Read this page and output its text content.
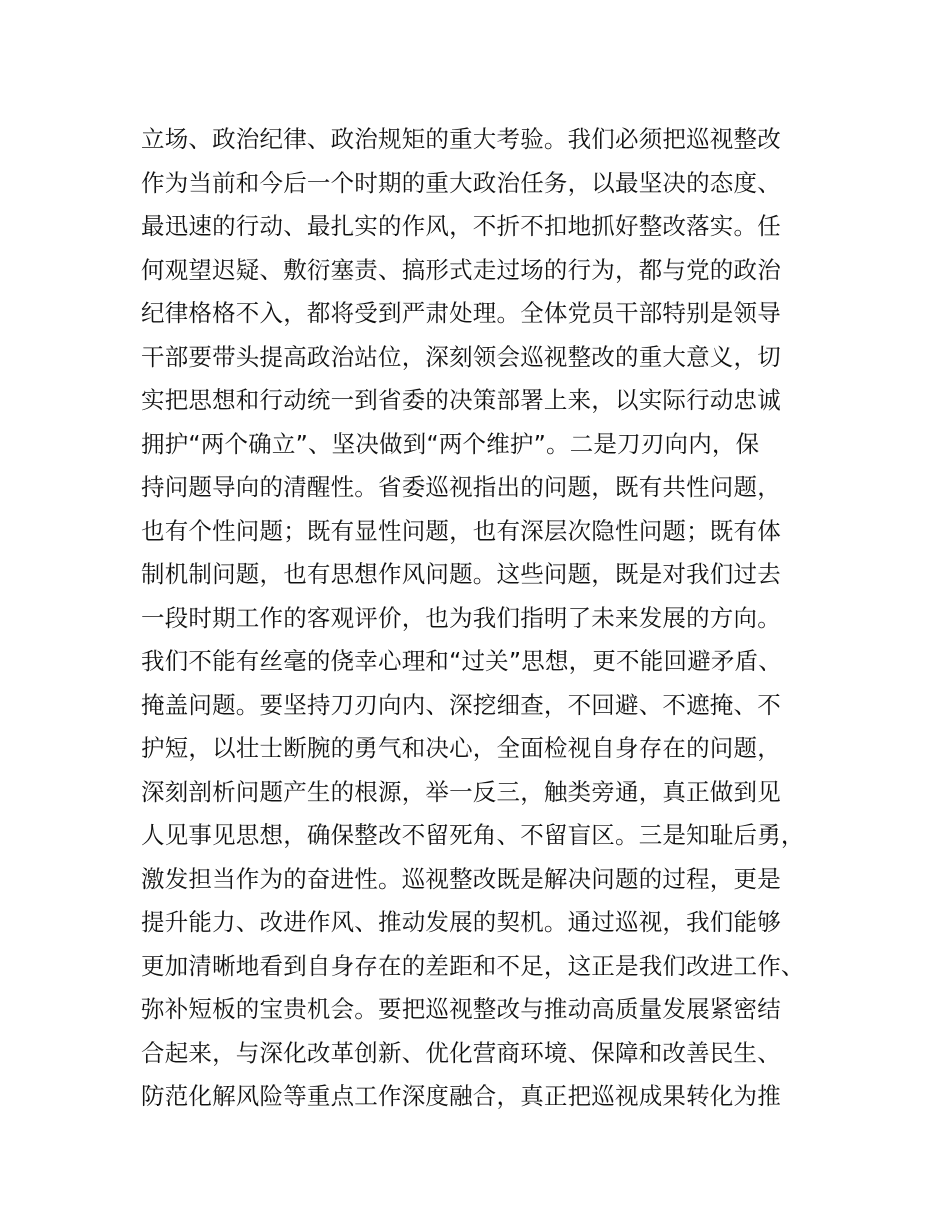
立场、政治纪律、政治规矩的重大考验。我们必须把巡视整改
作为当前和今后一个时期的重大政治任务，以最坚决的态度、
最迅速的行动、最扎实的作风，不折不扣地抓好整改落实。任
何观望迟疑、敷衍塞责、搞形式走过场的行为，都与党的政治
纪律格格不入，都将受到严肃处理。全体党员干部特别是领导
干部要带头提高政治站位，深刻领会巡视整改的重大意义，切
实把思想和行动统一到省委的决策部署上来，以实际行动忠诚
拥护“两个确立”、坚决做到“两个维护”。二是刀刃向内，保
持问题导向的清醒性。省委巡视指出的问题，既有共性问题，
也有个性问题；既有显性问题，也有深层次隐性问题；既有体
制机制问题，也有思想作风问题。这些问题，既是对我们过去
一段时期工作的客观评价，也为我们指明了未来发展的方向。
我们不能有丝毫的侥幸心理和“过关”思想，更不能回避矛盾、
掩盖问题。要坚持刀刃向内、深挖细查，不回避、不遮掩、不
护短，以壮士断腕的勇气和决心，全面检视自身存在的问题，
深刻剖析问题产生的根源，举一反三，触类旁通，真正做到见
人见事见思想，确保整改不留死角、不留盲区。三是知耻后勇，
激发担当作为的奋进性。巡视整改既是解决问题的过程，更是
提升能力、改进作风、推动发展的契机。通过巡视，我们能够
更加清晰地看到自身存在的差距和不足，这正是我们改进工作、
弥补短板的宝贵机会。要把巡视整改与推动高质量发展紧密结
合起来，与深化改革创新、优化营商环境、保障和改善民生、
防范化解风险等重点工作深度融合，真正把巡视成果转化为推
